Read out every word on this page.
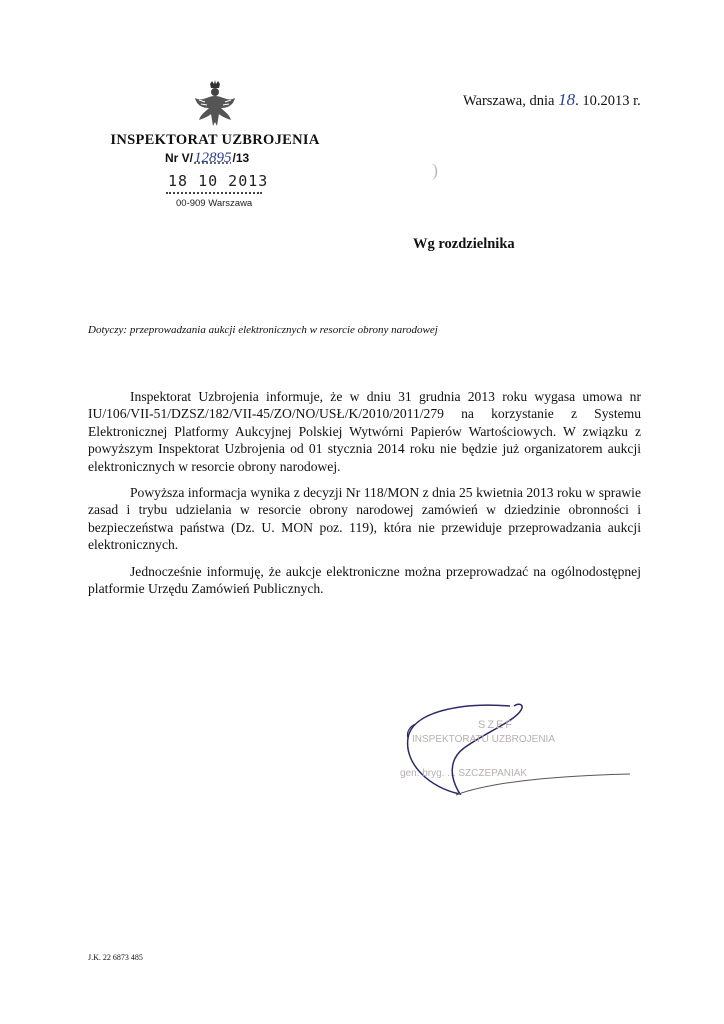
INSPEKTORAT UZBROJENIA
Nr V/12895/13
18 10 2013
00-909 Warszawa
Warszawa, dnia 18. 10.2013 r.
)
Wg rozdzielnika
Dotyczy: przeprowadzania aukcji elektronicznych w resorcie obrony narodowej

Inspektorat Uzbrojenia informuje, że w dniu 31 grudnia 2013 roku wygasa umowa nr IU/106/VII-51/DZSZ/182/VII-45/ZO/NO/USŁ/K/2010/2011/279 na korzystanie z Systemu Elektronicznej Platformy Aukcyjnej Polskiej Wytwórni Papierów Wartościowych. W związku z powyższym Inspektorat Uzbrojenia od 01 stycznia 2014 roku nie będzie już organizatorem aukcji elektronicznych w resorcie obrony narodowej.

Powyższa informacja wynika z decyzji Nr 118/MON z dnia 25 kwietnia 2013 roku w sprawie zasad i trybu udzielania w resorcie obrony narodowej zamówień w dziedzinie obronności i bezpieczeństwa państwa (Dz. U. MON poz. 119), która nie przewiduje przeprowadzania aukcji elektronicznych.

Jednocześnie informuję, że aukcje elektroniczne można przeprowadzać na ogólnodostępnej platformie Urzędu Zamówień Publicznych.

SZEF
INSPEKTORATU UZBROJENIA
gen. bryg. ... SZCZEPANIAK
J.K. 22 6873 485
